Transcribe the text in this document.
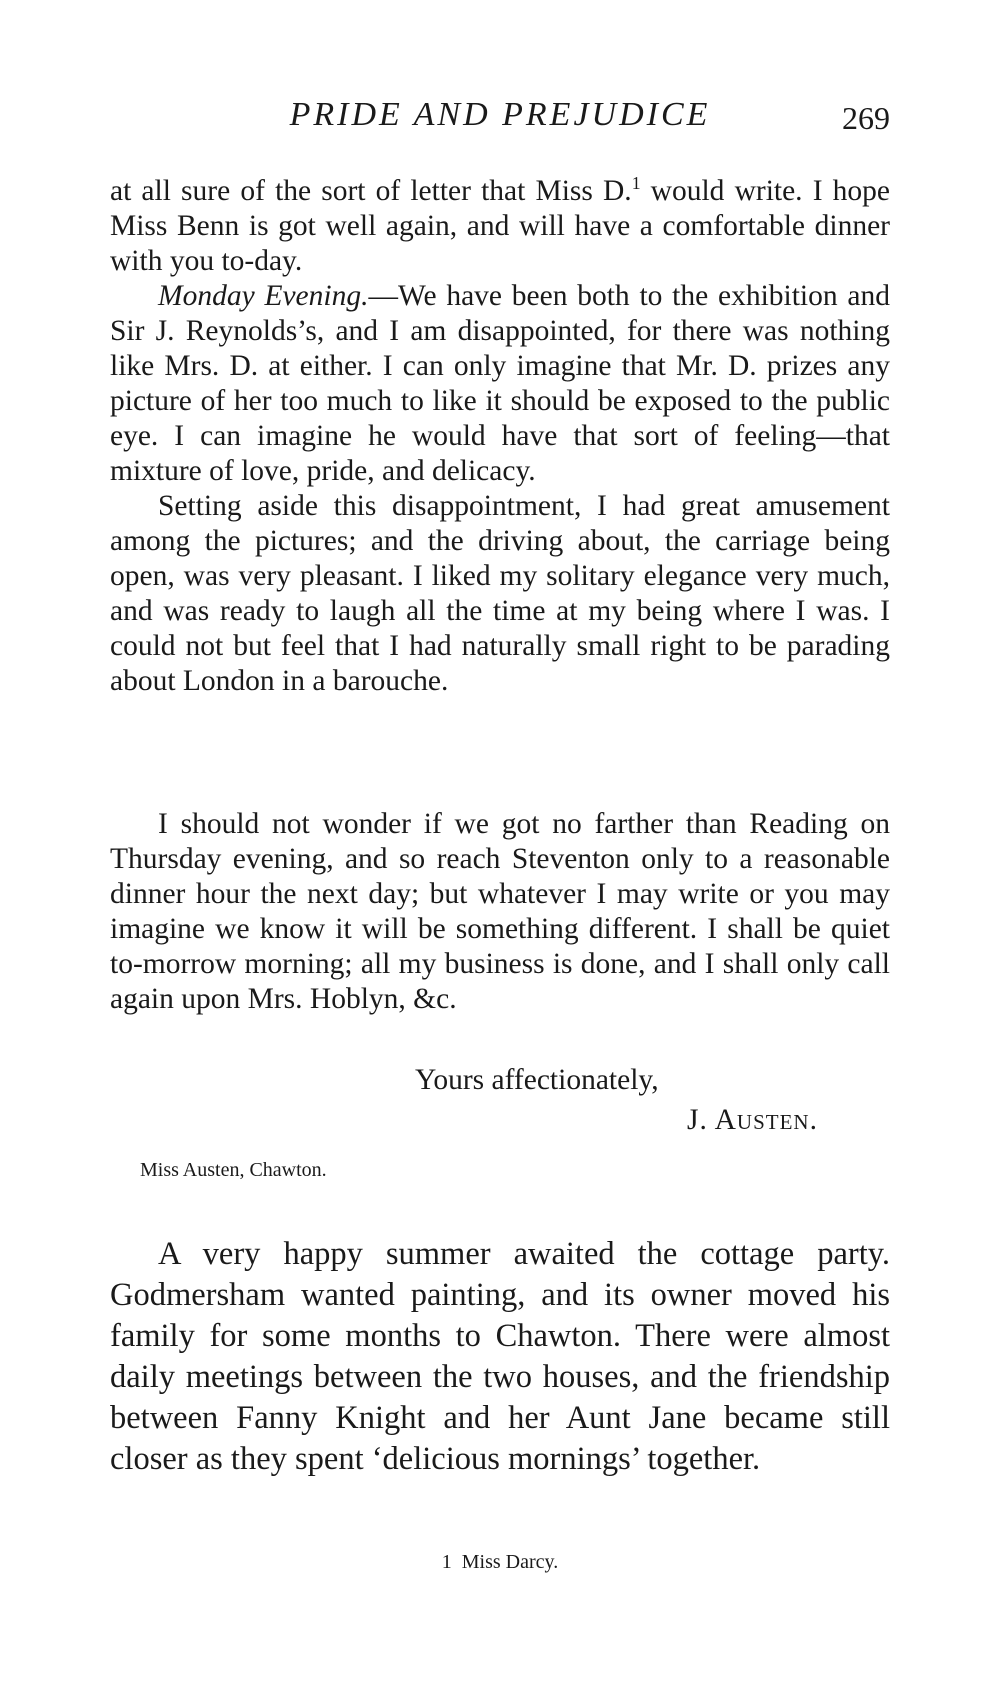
PRIDE AND PREJUDICE	269

at all sure of the sort of letter that Miss D.$^1$ would write. I hope Miss Benn is got well again, and will have a comfortable dinner with you to-day.

Monday Evening.—We have been both to the exhibition and Sir J. Reynolds’s, and I am disappointed, for there was nothing like Mrs. D. at either. I can only imagine that Mr. D. prizes any picture of her too much to like it should be exposed to the public eye. I can imagine he would have that sort of feeling—that mixture of love, pride, and delicacy.

Setting aside this disappointment, I had great amusement among the pictures; and the driving about, the carriage being open, was very pleasant. I liked my solitary elegance very much, and was ready to laugh all the time at my being where I was. I could not but feel that I had naturally small right to be parading about London in a barouche.

I should not wonder if we got no farther than Reading on Thursday evening, and so reach Steventon only to a reasonable dinner hour the next day; but whatever I may write or you may imagine we know it will be something different. I shall be quiet to-morrow morning; all my business is done, and I shall only call again upon Mrs. Hoblyn, &c.

Yours affectionately,
J. Austen.
Miss Austen, Chawton.

A very happy summer awaited the cottage party. Godmersham wanted painting, and its owner moved his family for some months to Chawton. There were almost daily meetings between the two houses, and the friendship between Fanny Knight and her Aunt Jane became still closer as they spent ‘delicious mornings’ together.

1 Miss Darcy.
